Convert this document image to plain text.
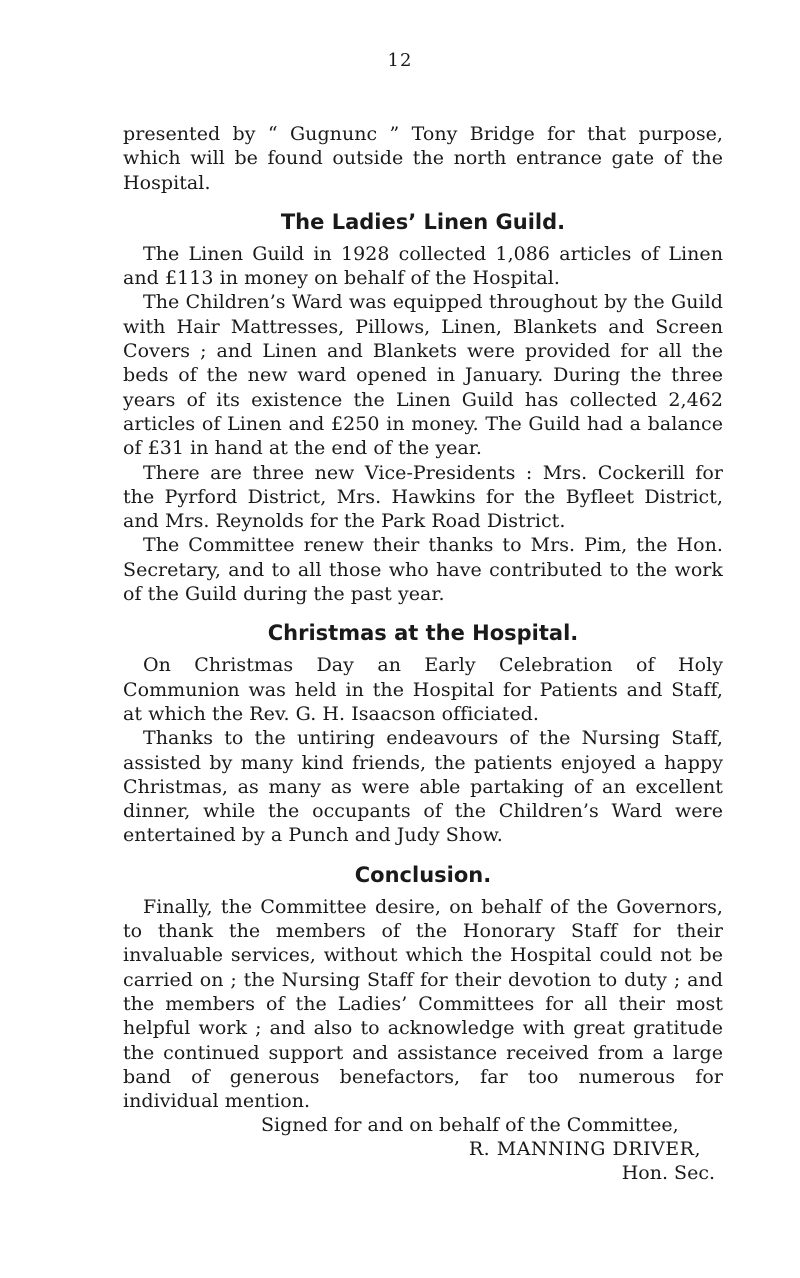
12

presented by “ Gugnunc ” Tony Bridge for that purpose, which will be found outside the north entrance gate of the Hospital.

The Ladies’ Linen Guild.

The Linen Guild in 1928 collected 1,086 articles of Linen and £113 in money on behalf of the Hospital.

The Children’s Ward was equipped throughout by the Guild with Hair Mattresses, Pillows, Linen, Blankets and Screen Covers ; and Linen and Blankets were provided for all the beds of the new ward opened in January. During the three years of its existence the Linen Guild has collected 2,462 articles of Linen and £250 in money. The Guild had a balance of £31 in hand at the end of the year.

There are three new Vice-Presidents : Mrs. Cockerill for the Pyrford District, Mrs. Hawkins for the Byfleet District, and Mrs. Reynolds for the Park Road District.

The Committee renew their thanks to Mrs. Pim, the Hon. Secretary, and to all those who have contributed to the work of the Guild during the past year.

Christmas at the Hospital.

On Christmas Day an Early Celebration of Holy Communion was held in the Hospital for Patients and Staff, at which the Rev. G. H. Isaacson officiated.

Thanks to the untiring endeavours of the Nursing Staff, assisted by many kind friends, the patients enjoyed a happy Christmas, as many as were able partaking of an excellent dinner, while the occupants of the Children’s Ward were entertained by a Punch and Judy Show.

Conclusion.

Finally, the Committee desire, on behalf of the Governors, to thank the members of the Honorary Staff for their invaluable services, without which the Hospital could not be carried on ; the Nursing Staff for their devotion to duty ; and the members of the Ladies’ Committees for all their most helpful work ; and also to acknowledge with great gratitude the continued support and assistance received from a large band of generous benefactors, far too numerous for individual mention.

Signed for and on behalf of the Committee,
R. MANNING DRIVER,
Hon. Sec.
